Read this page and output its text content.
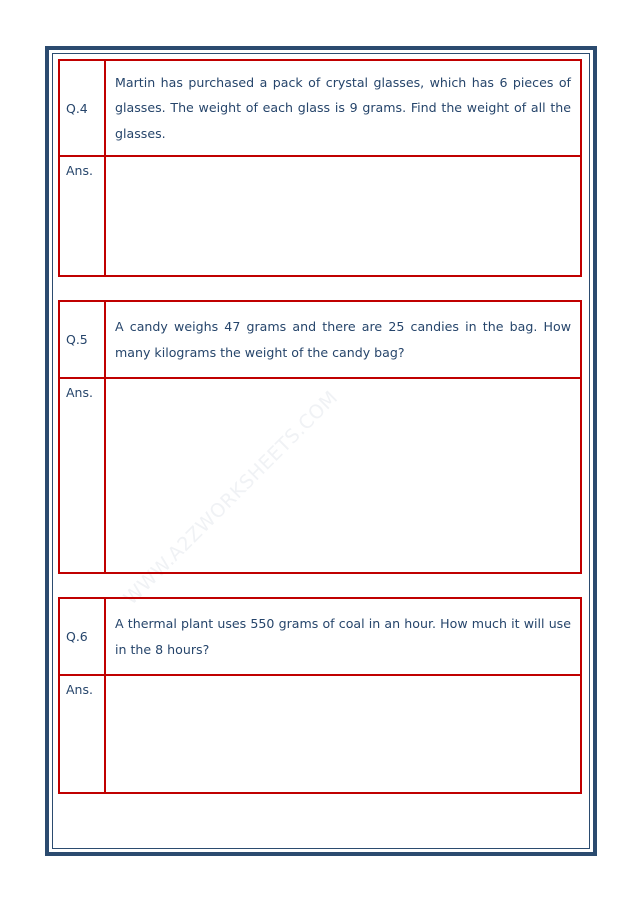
WWW.A2ZWORKSHEETS.COM
Q.4	Martin has purchased a pack of crystal glasses, which has 6 pieces of glasses. The weight of each glass is 9 grams. Find the weight of all the glasses.

Ans.	
Q.5	A candy weighs 47 grams and there are 25 candies in the bag. How many kilograms the weight of the candy bag?

Ans.	
Q.6	A thermal plant uses 550 grams of coal in an hour. How much it will use in the 8 hours?

Ans.	
